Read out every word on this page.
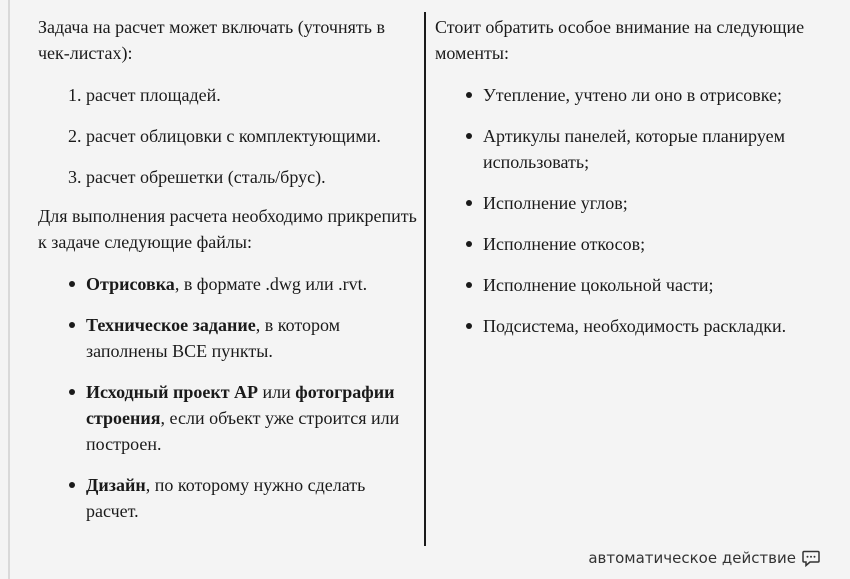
Задача на расчет может включать (уточнять в чек-листах):

1. расчет площадей.
2. расчет облицовки с комплектующими.
3. расчет обрешетки (сталь/брус).

Для выполнения расчета необходимо прикрепить к задаче следующие файлы:

Отрисовка, в формате .dwg или .rvt.
Техническое задание, в котором заполнены ВСЕ пункты.
Исходный проект АР или фотографии строения, если объект уже строится или построен.
Дизайн, по которому нужно сделать расчет.

Стоит обратить особое внимание на следующие моменты:

Утепление, учтено ли оно в отрисовке;
Артикулы панелей, которые планируем использовать;
Исполнение углов;
Исполнение откосов;
Исполнение цокольной части;
Подсистема, необходимость раскладки.
автоматическое действие
